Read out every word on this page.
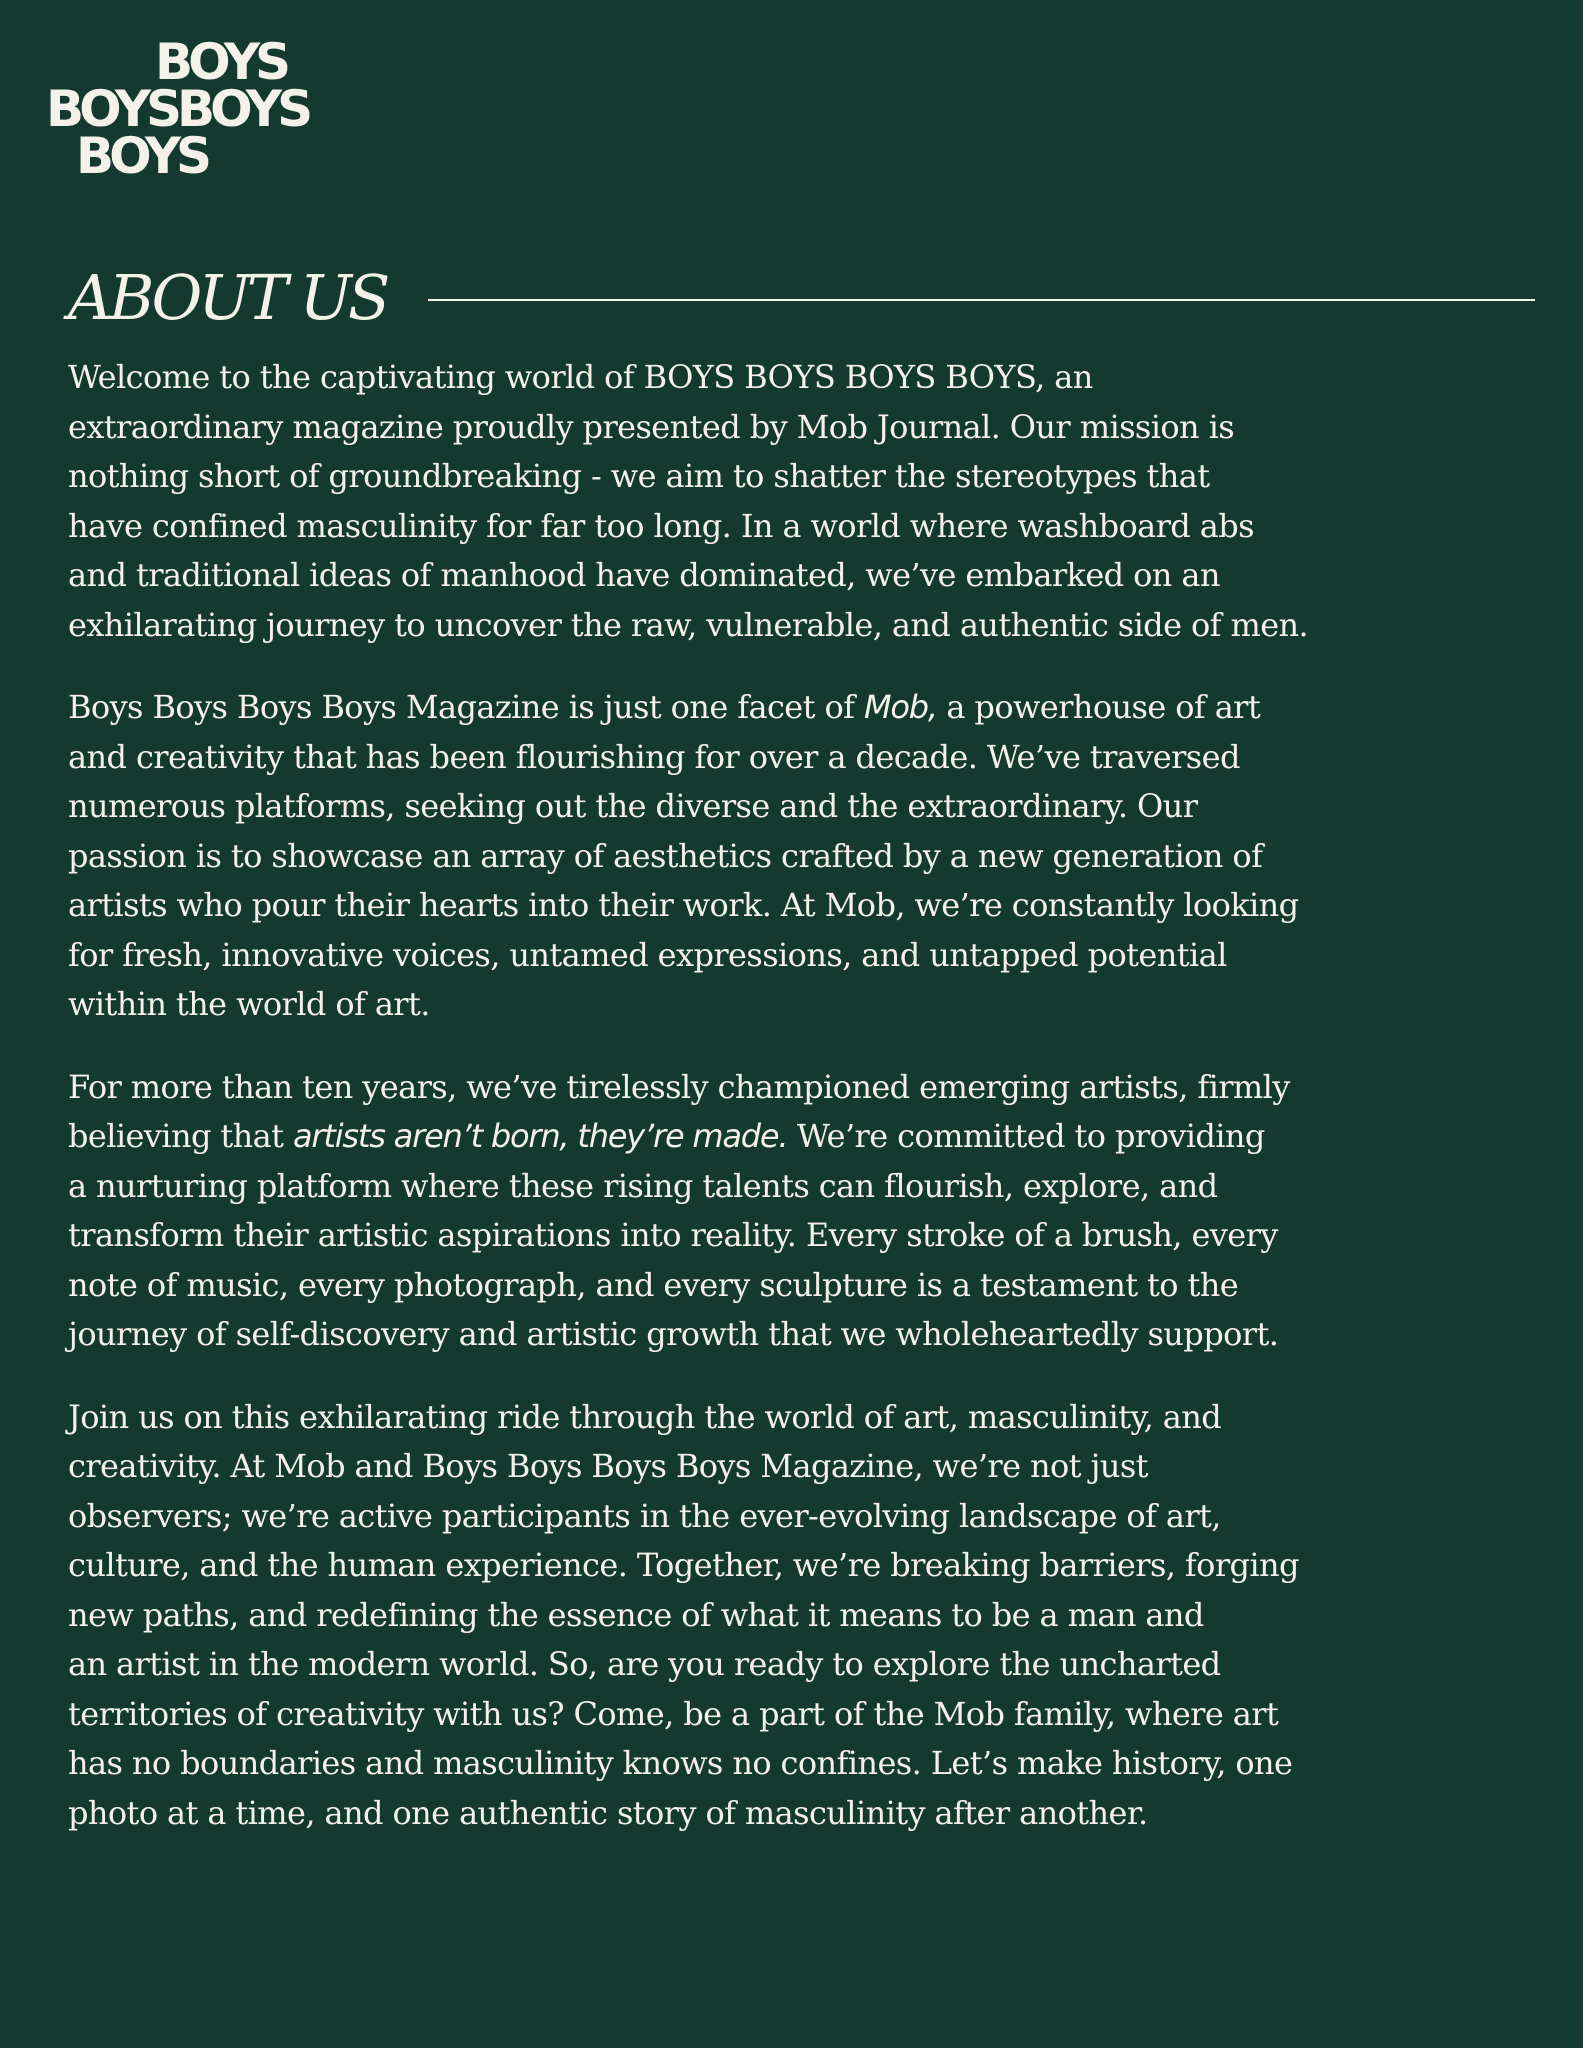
BOYS
BOYSBOYS
BOYS
ABOUT US

Welcome to the captivating world of BOYS BOYS BOYS BOYS, an
extraordinary magazine proudly presented by Mob Journal. Our mission is
nothing short of groundbreaking - we aim to shatter the stereotypes that
have confined masculinity for far too long. In a world where washboard abs
and traditional ideas of manhood have dominated, we’ve embarked on an
exhilarating journey to uncover the raw, vulnerable, and authentic side of men.

Boys Boys Boys Boys Magazine is just one facet of Mob, a powerhouse of art
and creativity that has been flourishing for over a decade. We’ve traversed
numerous platforms, seeking out the diverse and the extraordinary. Our
passion is to showcase an array of aesthetics crafted by a new generation of
artists who pour their hearts into their work. At Mob, we’re constantly looking
for fresh, innovative voices, untamed expressions, and untapped potential
within the world of art.

For more than ten years, we’ve tirelessly championed emerging artists, firmly
believing that artists aren’t born, they’re made. We’re committed to providing
a nurturing platform where these rising talents can flourish, explore, and
transform their artistic aspirations into reality. Every stroke of a brush, every
note of music, every photograph, and every sculpture is a testament to the
journey of self-discovery and artistic growth that we wholeheartedly support.

Join us on this exhilarating ride through the world of art, masculinity, and
creativity. At Mob and Boys Boys Boys Boys Magazine, we’re not just
observers; we’re active participants in the ever-evolving landscape of art,
culture, and the human experience. Together, we’re breaking barriers, forging
new paths, and redefining the essence of what it means to be a man and
an artist in the modern world. So, are you ready to explore the uncharted
territories of creativity with us? Come, be a part of the Mob family, where art
has no boundaries and masculinity knows no confines. Let’s make history, one
photo at a time, and one authentic story of masculinity after another.
